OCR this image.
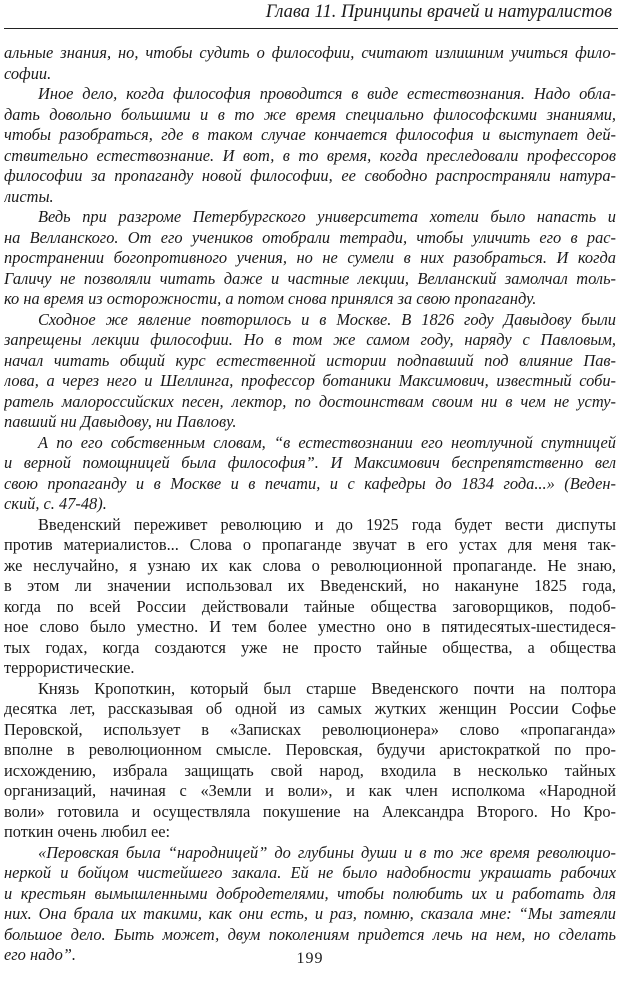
Глава 11. Принципы врачей и натуралистов
альные знания, но, чтобы судить о философии, считают излишним учиться фило-
софии.
Иное дело, когда философия проводится в виде естествознания. Надо обла-
дать довольно большими и в то же время специально философскими знаниями,
чтобы разобраться, где в таком случае кончается философия и выступает дей-
ствительно естествознание. И вот, в то время, когда преследовали профессоров
философии за пропаганду новой философии, ее свободно распространяли натура-
листы.
Ведь при разгроме Петербургского университета хотели было напасть и
на Велланского. От его учеников отобрали тетради, чтобы уличить его в рас-
пространении богопротивного учения, но не сумели в них разобраться. И когда
Галичу не позволяли читать даже и частные лекции, Велланский замолчал толь-
ко на время из осторожности, а потом снова принялся за свою пропаганду.
Сходное же явление повторилось и в Москве. В 1826 году Давыдову были
запрещены лекции философии. Но в том же самом году, наряду с Павловым,
начал читать общий курс естественной истории подпавший под влияние Пав-
лова, а через него и Шеллинга, профессор ботаники Максимович, известный соби-
ратель малороссийских песен, лектор, по достоинствам своим ни в чем не усту-
павший ни Давыдову, ни Павлову.
А по его собственным словам, “в естествознании его неотлучной спутницей
и верной помощницей была философия”. И Максимович беспрепятственно вел
свою пропаганду и в Москве и в печати, и с кафедры до 1834 года...» (Веден-
ский, с. 47-48).
Введенский переживет революцию и до 1925 года будет вести диспуты
против материалистов... Слова о пропаганде звучат в его устах для меня так-
же неслучайно, я узнаю их как слова о революционной пропаганде. Не знаю,
в этом ли значении использовал их Введенский, но накануне 1825 года,
когда по всей России действовали тайные общества заговорщиков, подоб-
ное слово было уместно. И тем более уместно оно в пятидесятых-шестидеся-
тых годах, когда создаются уже не просто тайные общества, а общества
террористические.
Князь Кропоткин, который был старше Введенского почти на полтора
десятка лет, рассказывая об одной из самых жутких женщин России Софье
Перовской, использует в «Записках революционера» слово «пропаганда»
вполне в революционном смысле. Перовская, будучи аристократкой по про-
исхождению, избрала защищать свой народ, входила в несколько тайных
организаций, начиная с «Земли и воли», и как член исполкома «Народной
воли» готовила и осуществляла покушение на Александра Второго. Но Кро-
поткин очень любил ее:
«Перовская была “народницей” до глубины души и в то же время революцио-
неркой и бойцом чистейшего закала. Ей не было надобности украшать рабочих
и крестьян вымышленными добродетелями, чтобы полюбить их и работать для
них. Она брала их такими, как они есть, и раз, помню, сказала мне: “Мы затеяли
большое дело. Быть может, двум поколениям придется лечь на нем, но сделать
его надо”.	199
